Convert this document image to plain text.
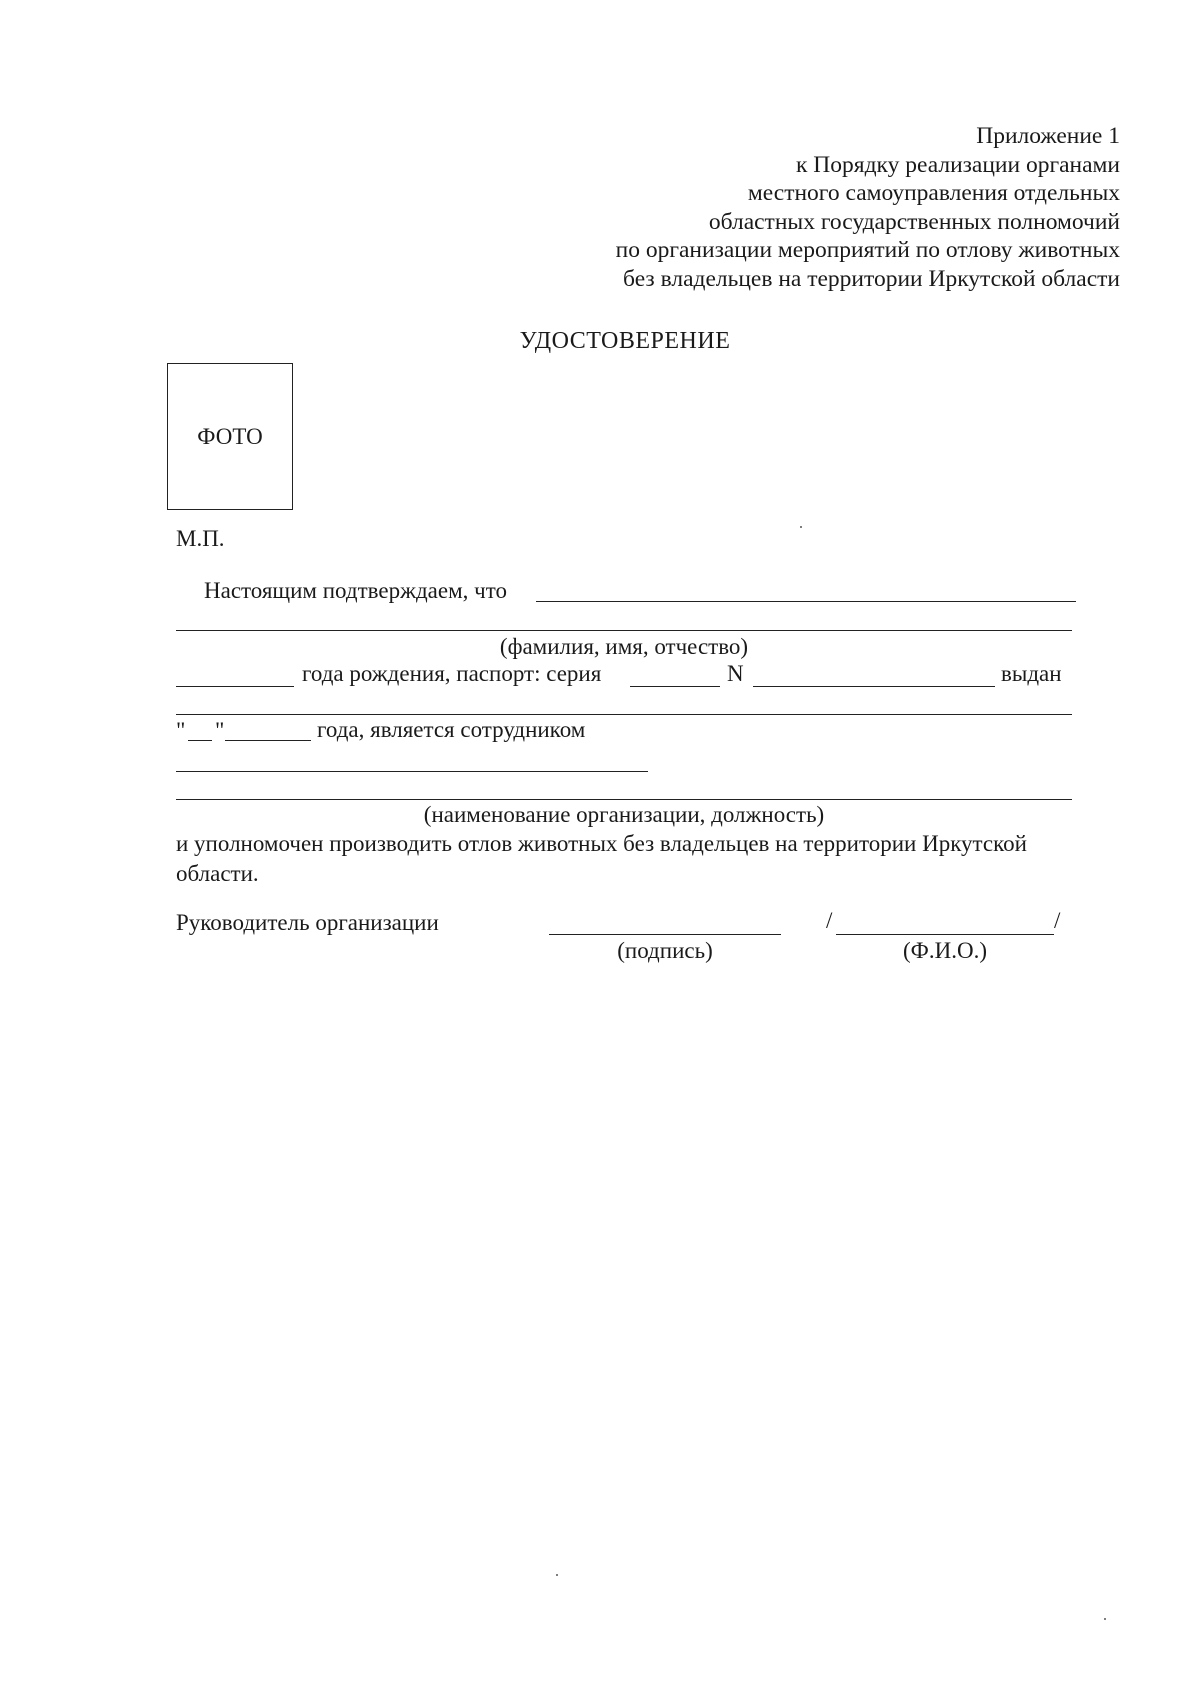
Приложение 1
к Порядку реализации органами
местного самоуправления отдельных
областных государственных полномочий
по организации мероприятий по отлову животных
без владельцев на территории Иркутской области
УДОСТОВЕРЕНИЕ
ФОТО
М.П.
Настоящим подтверждаем, что
(фамилия, имя, отчество)
года рождения, паспорт: серия	N	выдан
" "	года, является сотрудником
(наименование организации, должность)
и уполномочен производить отлов животных без владельцев на территории Иркутской
области.
Руководитель организации
(подпись)
/	/
(Ф.И.О.)
